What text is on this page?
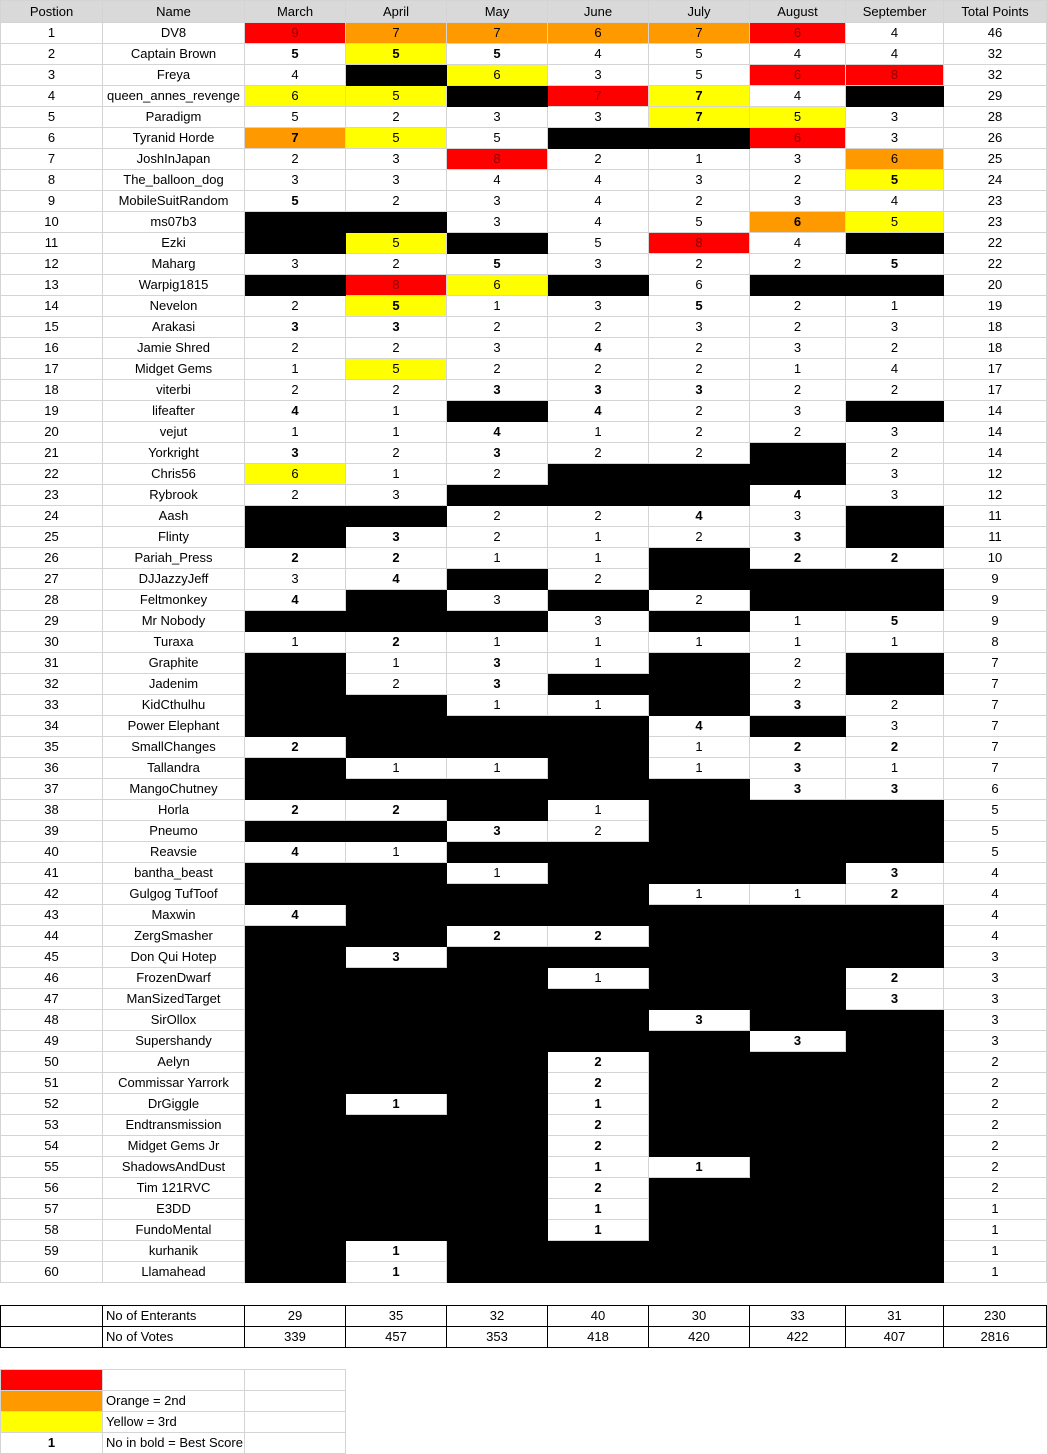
Postion	Name	March	April	May	June	July	August	September	Total Points
1	DV8	9	7	7	6	7	6	4	46
2	Captain Brown	5	5	5	4	5	4	4	32
3	Freya	4		6	3	5	6	8	32
4	queen_annes_revenge	6	5		7	7	4		29
5	Paradigm	5	2	3	3	7	5	3	28
6	Tyranid Horde	7	5	5			6	3	26
7	JoshInJapan	2	3	8	2	1	3	6	25
8	The_balloon_dog	3	3	4	4	3	2	5	24
9	MobileSuitRandom	5	2	3	4	2	3	4	23
10	ms07b3			3	4	5	6	5	23
11	Ezki		5		5	8	4		22
12	Maharg	3	2	5	3	2	2	5	22
13	Warpig1815		8	6		6			20
14	Nevelon	2	5	1	3	5	2	1	19
15	Arakasi	3	3	2	2	3	2	3	18
16	Jamie Shred	2	2	3	4	2	3	2	18
17	Midget Gems	1	5	2	2	2	1	4	17
18	viterbi	2	2	3	3	3	2	2	17
19	lifeafter	4	1		4	2	3		14
20	vejut	1	1	4	1	2	2	3	14
21	Yorkright	3	2	3	2	2		2	14
22	Chris56	6	1	2				3	12
23	Rybrook	2	3				4	3	12
24	Aash			2	2	4	3		11
25	Flinty		3	2	1	2	3		11
26	Pariah_Press	2	2	1	1		2	2	10
27	DJJazzyJeff	3	4		2				9
28	Feltmonkey	4		3		2			9
29	Mr Nobody				3		1	5	9
30	Turaxa	1	2	1	1	1	1	1	8
31	Graphite		1	3	1		2		7
32	Jadenim		2	3			2		7
33	KidCthulhu			1	1		3	2	7
34	Power Elephant					4		3	7
35	SmallChanges	2				1	2	2	7
36	Tallandra		1	1		1	3	1	7
37	MangoChutney						3	3	6
38	Horla	2	2		1				5
39	Pneumo			3	2				5
40	Reavsie	4	1						5
41	bantha_beast			1				3	4
42	Gulgog TufToof					1	1	2	4
43	Maxwin	4							4
44	ZergSmasher			2	2				4
45	Don Qui Hotep		3						3
46	FrozenDwarf				1			2	3
47	ManSizedTarget							3	3
48	SirOllox					3			3
49	Supershandy						3		3
50	Aelyn				2				2
51	Commissar Yarrork				2				2
52	DrGiggle		1		1				2
53	Endtransmission				2				2
54	Midget Gems Jr				2				2
55	ShadowsAndDust				1	1			2
56	Tim 121RVC				2				2
57	E3DD				1				1
58	FundoMental				1				1
59	kurhanik		1						1
60	Llamahead		1						1
	No of Enterants	29	35	32	40	30	33	31	230
	No of Votes	339	457	353	418	420	422	407	2816

	Orange = 2nd	
	Yellow = 3rd	
1	No in bold = Best Score	
